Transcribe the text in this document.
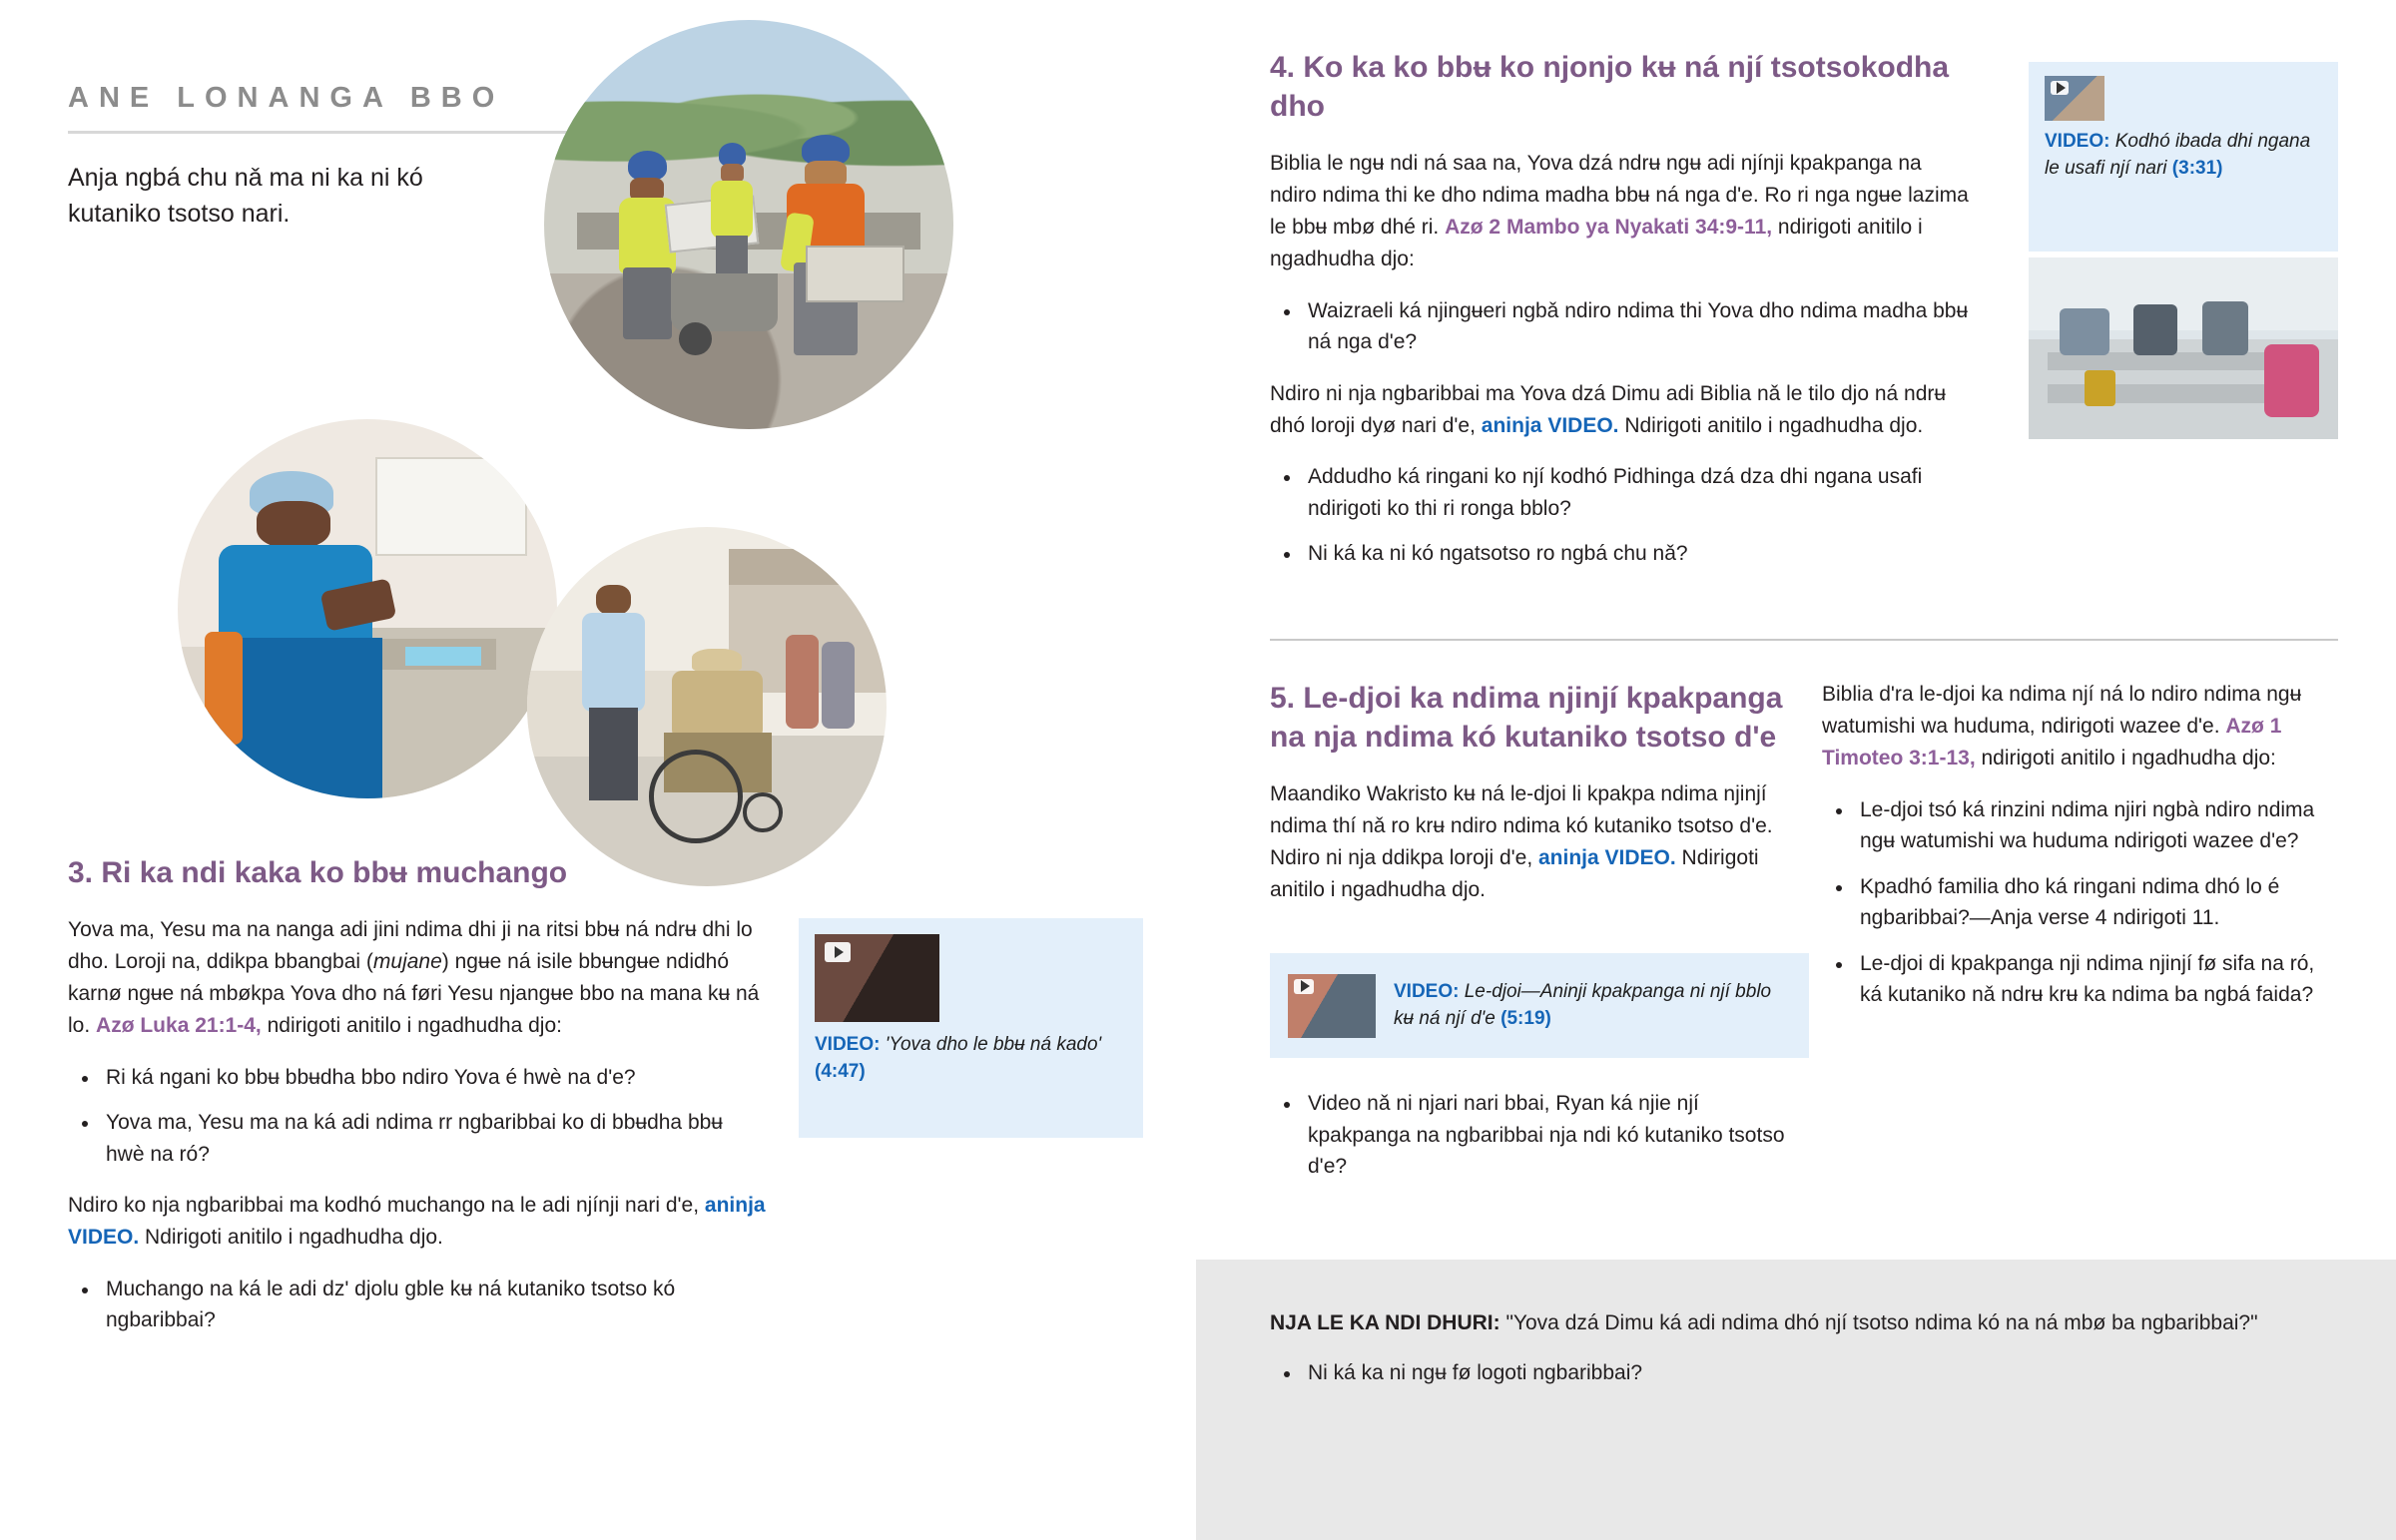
ANE LONANGA BBO
Anja ngbá chu nǎ ma ni ka ni kó kutaniko tsotso nari.
3. Ri ka ndi kaka ko bbʉ muchango

Yova ma, Yesu ma na nanga adi jini ndima dhi ji na ritsi bbʉ ná ndrʉ dhi lo dho. Loroji na, ddikpa bbangbai (mujane) ngʉe ná isile bbʉngʉe ndidhó karnø ngʉe ná mbøkpa Yova dho ná føri Yesu njangʉe bbo na mana kʉ ná lo. Azø Luka 21:1-4, ndirigoti anitilo i ngadhudha djo:

• Ri ká ngani ko bbʉ bbʉdha bbo ndiro Yova é hwè na d'e?
• Yova ma, Yesu ma na ká adi ndima rr ngbaribbai ko di bbʉdha bbʉ hwè na ró?

Ndiro ko nja ngbaribbai ma kodhó muchango na le adi njínji nari d'e, aninja VIDEO. Ndirigoti anitilo i ngadhudha djo.

• Muchango na ká le adi dz' djolu gble kʉ ná kutaniko tsotso kó ngbaribbai?
VIDEO: 'Yova dho le bbʉ ná kado' (4:47)
4. Ko ka ko bbʉ ko njonjo kʉ ná njí tsotsokodha dho

Biblia le ngʉ ndi ná saa na, Yova dzá ndrʉ ngʉ adi njínji kpakpanga na ndiro ndima thi ke dho ndima madha bbʉ ná nga d'e. Ro ri nga ngʉe lazima le bbʉ mbø dhé ri. Azø 2 Mambo ya Nyakati 34:9-11, ndirigoti anitilo i ngadhudha djo:

• Waizraeli ká njingʉeri ngbǎ ndiro ndima thi Yova dho ndima madha bbʉ ná nga d'e?

Ndiro ni nja ngbaribbai ma Yova dzá Dimu adi Biblia nǎ le tilo djo ná ndrʉ dhó loroji dyø nari d'e, aninja VIDEO. Ndirigoti anitilo i ngadhudha djo.

• Addudho ká ringani ko njí kodhó Pidhinga dzá dza dhi ngana usafi ndirigoti ko thi ri ronga bblo?
• Ni ká ka ni kó ngatsotso ro ngbá chu nǎ?
VIDEO: Kodhó ibada dhi ngana le usafi njí nari (3:31)
5. Le-djoi ka ndima njinjí kpakpanga na nja ndima kó kutaniko tsotso d'e

Maandiko Wakristo kʉ ná le-djoi li kpakpa ndima njinjí ndima thí nǎ ro krʉ ndiro ndima kó kutaniko tsotso d'e. Ndiro ni nja ddikpa loroji d'e, aninja VIDEO. Ndirigoti anitilo i ngadhudha djo.

VIDEO: Le-djoi—Aninji kpakpanga ni njí bblo kʉ ná njí d'e (5:19)
• Video nǎ ni njari nari bbai, Ryan ká njie njí kpakpanga na ngbaribbai nja ndi kó kutaniko tsotso d'e?

Biblia d'ra le-djoi ka ndima njí ná lo ndiro ndima ngʉ watumishi wa huduma, ndirigoti wazee d'e. Azø 1 Timoteo 3:1-13, ndirigoti anitilo i ngadhudha djo:

• Le-djoi tsó ká rinzini ndima njiri ngbà ndiro ndima ngʉ watumishi wa huduma ndirigoti wazee d'e?
• Kpadhó familia dho ká ringani ndima dhó lo é ngbaribbai?—Anja verse 4 ndirigoti 11.
• Le-djoi di kpakpanga nji ndima njinjí fø sifa na ró, ká kutaniko nǎ ndrʉ krʉ ka ndima ba ngbá faida?

NJA LE KA NDI DHURI: "Yova dzá Dimu ká adi ndima dhó njí tsotso ndima kó na ná mbø ba ngbaribbai?"

• Ni ká ka ni ngʉ fø logoti ngbaribbai?
